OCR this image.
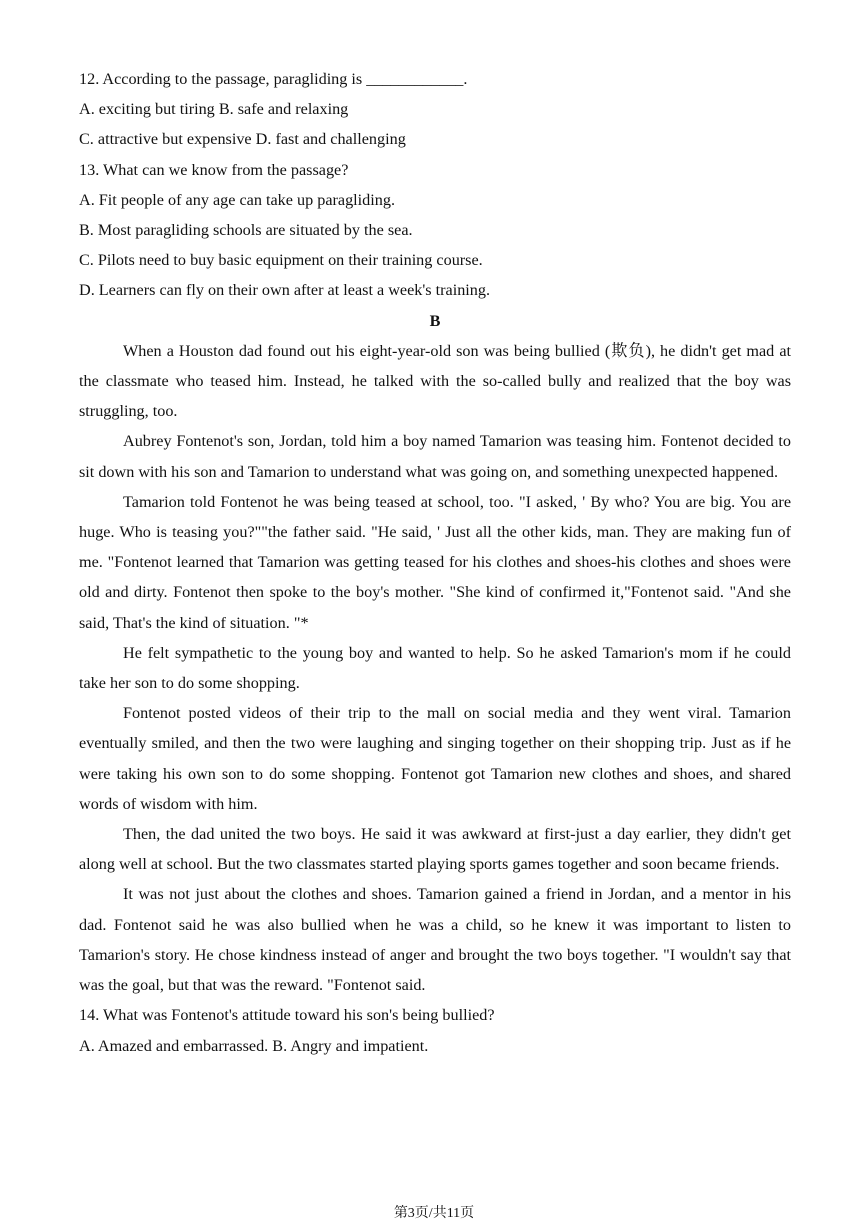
12. According to the passage, paragliding is ____________.

A. exciting but tiring B. safe and relaxing

C. attractive but expensive D. fast and challenging

13. What can we know from the passage?

A. Fit people of any age can take up paragliding.

B. Most paragliding schools are situated by the sea.

C. Pilots need to buy basic equipment on their training course.

D. Learners can fly on their own after at least a week's training.

B

When a Houston dad found out his eight-year-old son was being bullied (欺负), he didn't get mad at the classmate who teased him. Instead, he talked with the so-called bully and realized that the boy was struggling, too.

Aubrey Fontenot's son, Jordan, told him a boy named Tamarion was teasing him. Fontenot decided to sit down with his son and Tamarion to understand what was going on, and something unexpected happened.

Tamarion told Fontenot he was being teased at school, too. "I asked, ' By who? You are big. You are huge. Who is teasing you?""the father said. "He said, ' Just all the other kids, man. They are making fun of me. "Fontenot learned that Tamarion was getting teased for his clothes and shoes-his clothes and shoes were old and dirty. Fontenot then spoke to the boy's mother. "She kind of confirmed it,"Fontenot said. "And she said, That's the kind of situation. "*

He felt sympathetic to the young boy and wanted to help. So he asked Tamarion's mom if he could take her son to do some shopping.

Fontenot posted videos of their trip to the mall on social media and they went viral. Tamarion eventually smiled, and then the two were laughing and singing together on their shopping trip. Just as if he were taking his own son to do some shopping. Fontenot got Tamarion new clothes and shoes, and shared words of wisdom with him.

Then, the dad united the two boys. He said it was awkward at first-just a day earlier, they didn't get along well at school. But the two classmates started playing sports games together and soon became friends.

It was not just about the clothes and shoes. Tamarion gained a friend in Jordan, and a mentor in his dad. Fontenot said he was also bullied when he was a child, so he knew it was important to listen to Tamarion's story. He chose kindness instead of anger and brought the two boys together. "I wouldn't say that was the goal, but that was the reward. "Fontenot said.

14. What was Fontenot's attitude toward his son's being bullied?

A. Amazed and embarrassed. B. Angry and impatient.

第3页/共11页
